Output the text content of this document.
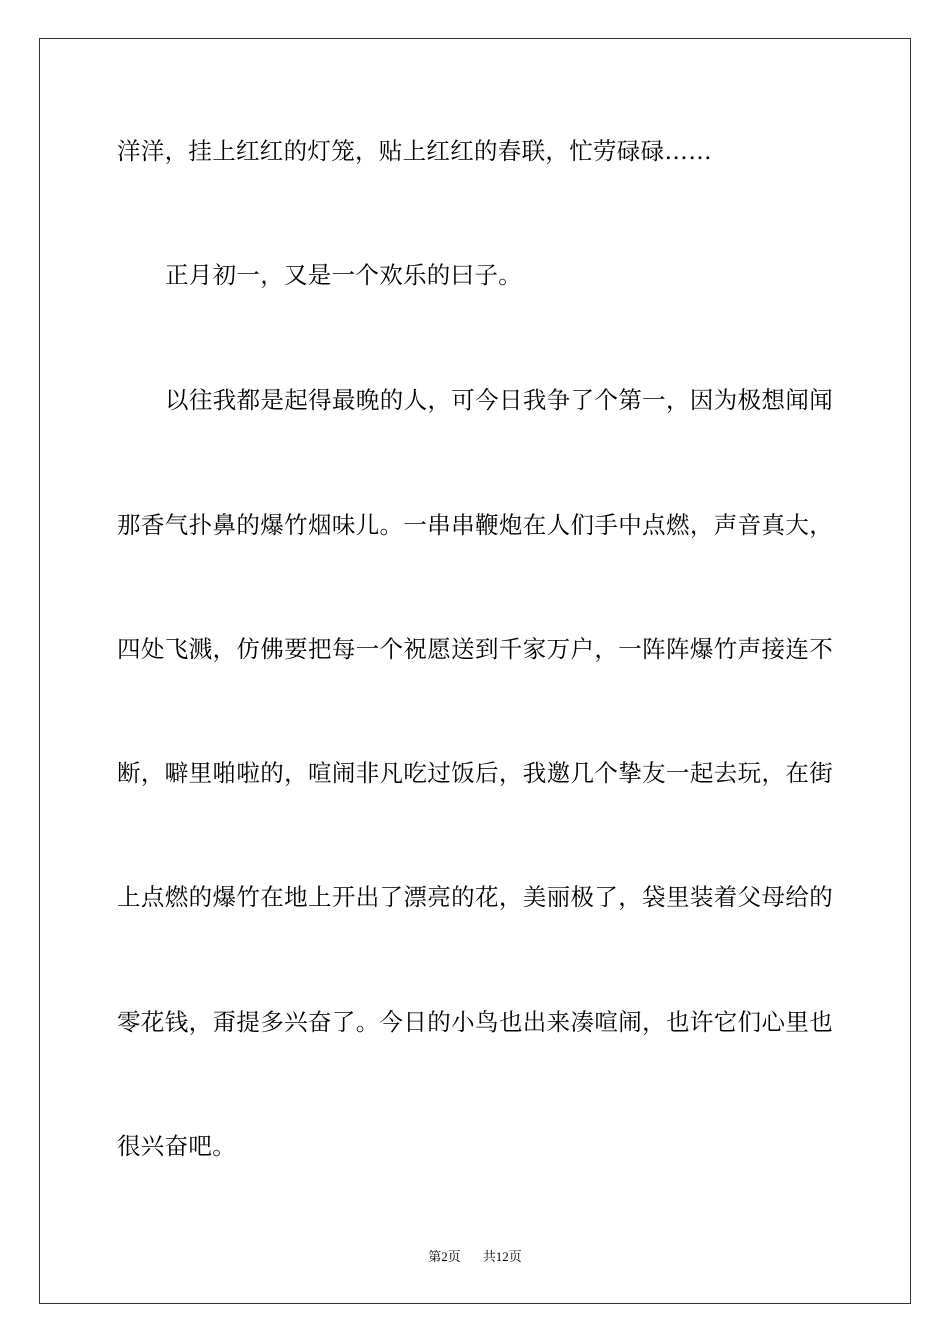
洋洋，挂上红红的灯笼，贴上红红的春联，忙劳碌碌……
正月初一，又是一个欢乐的曰子。
以往我都是起得最晚的人，可今日我争了个第一，因为极想闻闻
那香气扑鼻的爆竹烟味儿。一串串鞭炮在人们手中点燃，声音真大，
四处飞溅，仿佛要把每一个祝愿送到千家万户，一阵阵爆竹声接连不
断，噼里啪啦的，喧闹非凡吃过饭后，我邀几个挚友一起去玩，在街
上点燃的爆竹在地上开出了漂亮的花，美丽极了，袋里装着父母给的
零花钱，甭提多兴奋了。今日的小鸟也出来凑喧闹，也许它们心里也
很兴奋吧。
第2页 共12页
